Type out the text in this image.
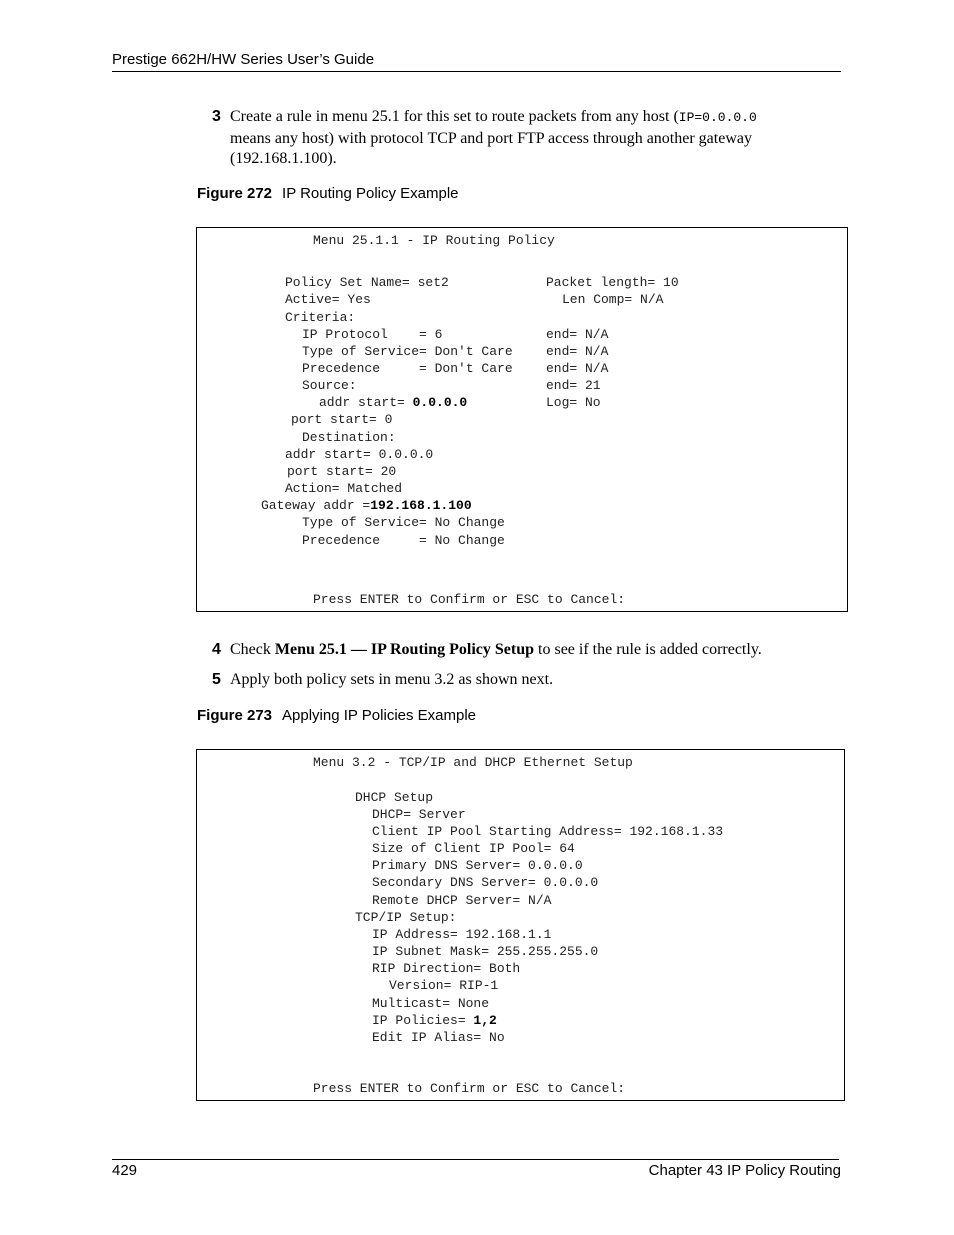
Prestige 662H/HW Series User’s Guide
3 Create a rule in menu 25.1 for this set to route packets from any host (IP=0.0.0.0
means any host) with protocol TCP and port FTP access through another gateway
(192.168.1.100).
Figure 272 IP Routing Policy Example
Menu 25.1.1 - IP Routing Policy
Policy Set Name= set2	Packet length= 10
Active= Yes	Len Comp= N/A
Criteria:
IP Protocol    = 6	end= N/A
Type of Service= Don't Care	end= N/A
Precedence     = Don't Care	end= N/A
Source:	end= 21
addr start= 0.0.0.0	Log= No
port start= 0
Destination:
addr start= 0.0.0.0
port start= 20
Action= Matched
Gateway addr =192.168.1.100
Type of Service= No Change
Precedence     = No Change
Press ENTER to Confirm or ESC to Cancel:
4 Check Menu 25.1 — IP Routing Policy Setup to see if the rule is added correctly.
5 Apply both policy sets in menu 3.2 as shown next.
Figure 273 Applying IP Policies Example
Menu 3.2 - TCP/IP and DHCP Ethernet Setup
DHCP Setup
DHCP= Server
Client IP Pool Starting Address= 192.168.1.33
Size of Client IP Pool= 64
Primary DNS Server= 0.0.0.0
Secondary DNS Server= 0.0.0.0
Remote DHCP Server= N/A
TCP/IP Setup:
IP Address= 192.168.1.1
IP Subnet Mask= 255.255.255.0
RIP Direction= Both
Version= RIP-1
Multicast= None
IP Policies= 1,2
Edit IP Alias= No
Press ENTER to Confirm or ESC to Cancel:
429	Chapter 43 IP Policy Routing
